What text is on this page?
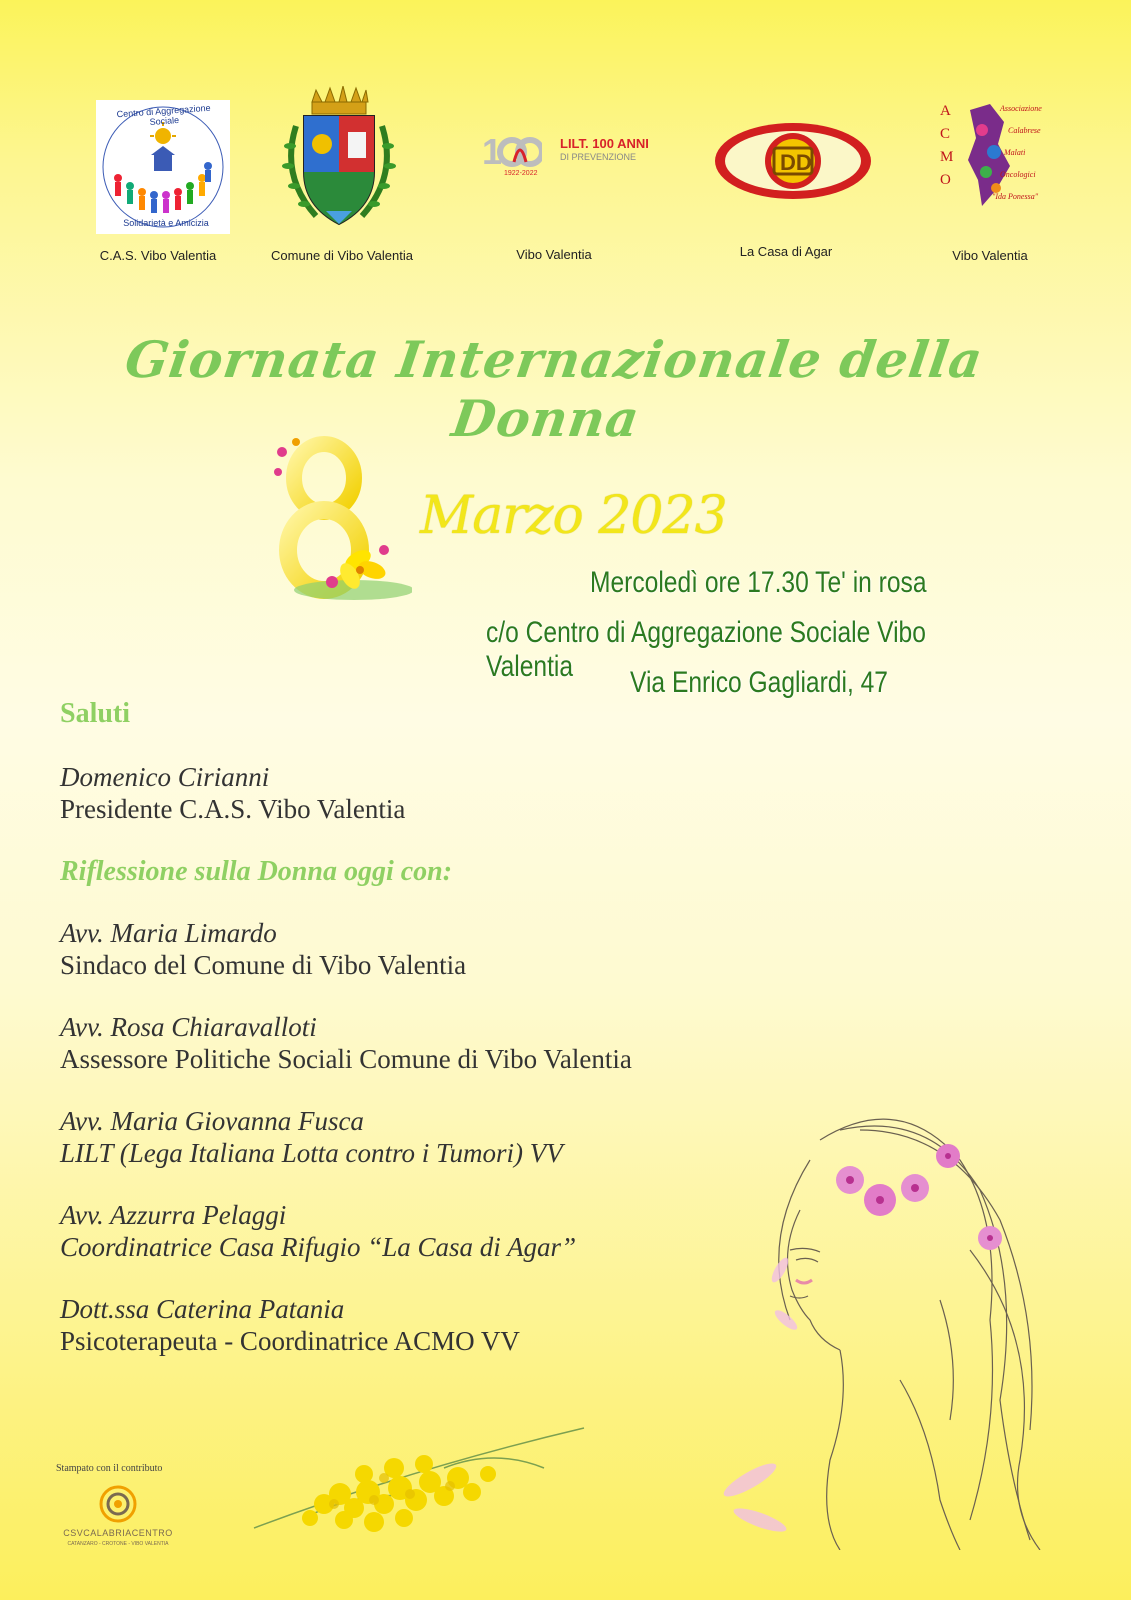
Centro di Aggregazione Sociale
Solidarietà e Amicizia
C.A.S. Vibo Valentia	Comune di Vibo Valentia
1	LILT. 100 ANNI
DI PREVENZIONE
1922-2022
Vibo Valentia
DD
La Casa di Agar
A C M O
Associazione
Calabrese
Malati
Oncologici
"Ida Ponessa"
Vibo Valentia
Giornata Internazionale della Donna
Marzo 2023
Mercoledì ore 17.30 Te' in rosa
c/o Centro di Aggregazione Sociale Vibo Valentia	Via Enrico Gagliardi, 47
Saluti
Domenico Cirianni
Presidente C.A.S. Vibo Valentia
Riflessione sulla Donna oggi con:
Avv. Maria Limardo
Sindaco del Comune di Vibo Valentia
Avv. Rosa Chiaravalloti
Assessore Politiche Sociali Comune di Vibo Valentia
Avv. Maria Giovanna Fusca
LILT (Lega Italiana Lotta contro i Tumori) VV
Avv. Azzurra Pelaggi
Coordinatrice Casa Rifugio “La Casa di Agar”
Dott.ssa Caterina Patania
Psicoterapeuta - Coordinatrice ACMO VV
Stampato con il contributo
CSVCALABRIACENTRO
CATANZARO - CROTONE - VIBO VALENTIA
